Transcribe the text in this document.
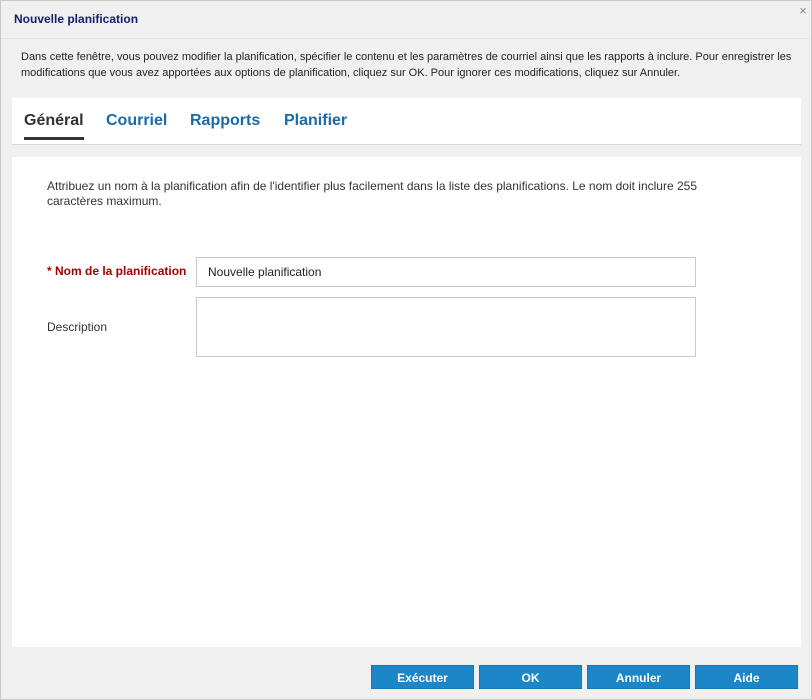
Nouvelle planification
×
Dans cette fenêtre, vous pouvez modifier la planification, spécifier le contenu et les paramètres de courriel ainsi que les rapports à inclure. Pour enregistrer les modifications que vous avez apportées aux options de planification, cliquez sur OK. Pour ignorer ces modifications, cliquez sur Annuler.
Général Courriel Rapports Planifier
Attribuez un nom à la planification afin de l'identifier plus facilement dans la liste des planifications. Le nom doit inclure 255 caractères maximum.
* Nom de la planification
Nouvelle planification
Description
Exécuter	OK	Annuler	Aide
